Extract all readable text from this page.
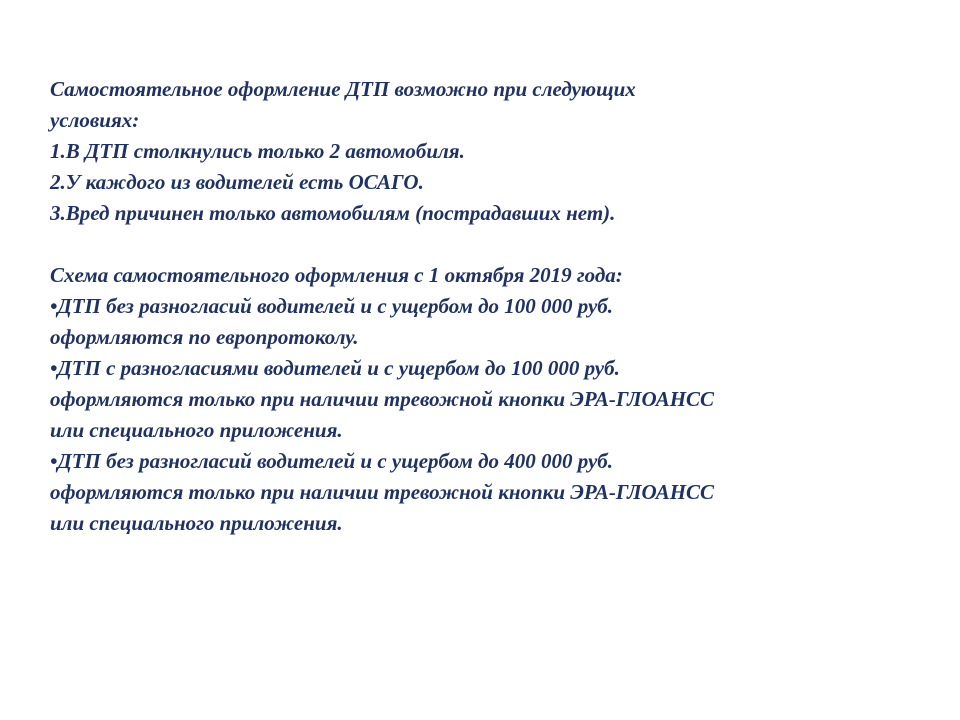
Самостоятельное оформление ДТП возможно при следующих
условиях:
1.В ДТП столкнулись только 2 автомобиля.
2.У каждого из водителей есть ОСАГО.
3.Вред причинен только автомобилям (пострадавших нет).
Схема самостоятельного оформления с 1 октября 2019 года:
•ДТП без разногласий водителей и с ущербом до 100 000 руб.
оформляются по европротоколу.
•ДТП с разногласиями водителей и с ущербом до 100 000 руб.
оформляются только при наличии тревожной кнопки ЭРА-ГЛОАНСС
или специального приложения.
•ДТП без разногласий водителей и с ущербом до 400 000 руб.
оформляются только при наличии тревожной кнопки ЭРА-ГЛОАНСС
или специального приложения.
